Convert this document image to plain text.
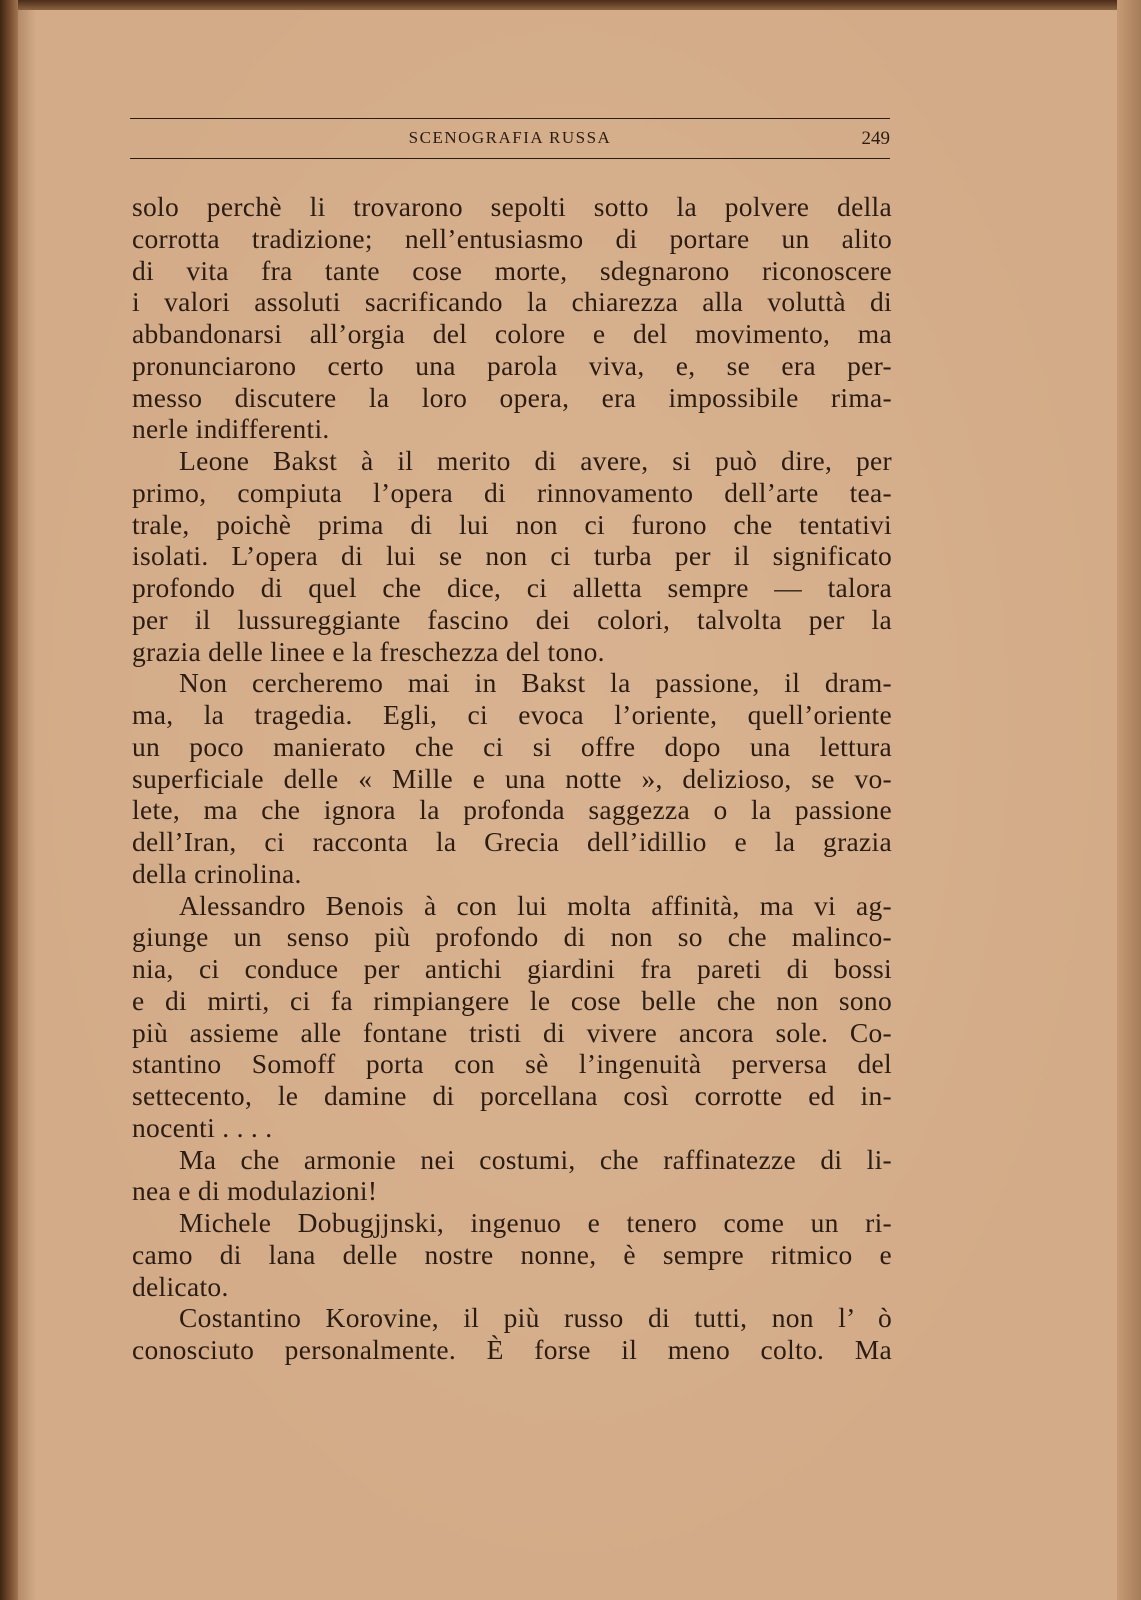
SCENOGRAFIA RUSSA	249
solo perchè li trovarono sepolti sotto la polvere della
corrotta tradizione; nell’entusiasmo di portare un alito
di vita fra tante cose morte, sdegnarono riconoscere
i valori assoluti sacrificando la chiarezza alla voluttà di
abbandonarsi all’orgia del colore e del movimento, ma
pronunciarono certo una parola viva, e, se era per-
messo discutere la loro opera, era impossibile rima-
nerle indifferenti.
Leone Bakst à il merito di avere, si può dire, per
primo, compiuta l’opera di rinnovamento dell’arte tea-
trale, poichè prima di lui non ci furono che tentativi
isolati. L’opera di lui se non ci turba per il significato
profondo di quel che dice, ci alletta sempre — talora
per il lussureggiante fascino dei colori, talvolta per la
grazia delle linee e la freschezza del tono.
Non cercheremo mai in Bakst la passione, il dram-
ma, la tragedia. Egli, ci evoca l’oriente, quell’oriente
un poco manierato che ci si offre dopo una lettura
superficiale delle « Mille e una notte », delizioso, se vo-
lete, ma che ignora la profonda saggezza o la passione
dell’Iran, ci racconta la Grecia dell’idillio e la grazia
della crinolina.
Alessandro Benois à con lui molta affinità, ma vi ag-
giunge un senso più profondo di non so che malinco-
nia, ci conduce per antichi giardini fra pareti di bossi
e di mirti, ci fa rimpiangere le cose belle che non sono
più assieme alle fontane tristi di vivere ancora sole. Co-
stantino Somoff porta con sè l’ingenuità perversa del
settecento, le damine di porcellana così corrotte ed in-
nocenti . . . .
Ma che armonie nei costumi, che raffinatezze di li-
nea e di modulazioni!
Michele Dobugjjnski, ingenuo e tenero come un ri-
camo di lana delle nostre nonne, è sempre ritmico e
delicato.
Costantino Korovine, il più russo di tutti, non l’ ò
conosciuto personalmente. È forse il meno colto. Ma
